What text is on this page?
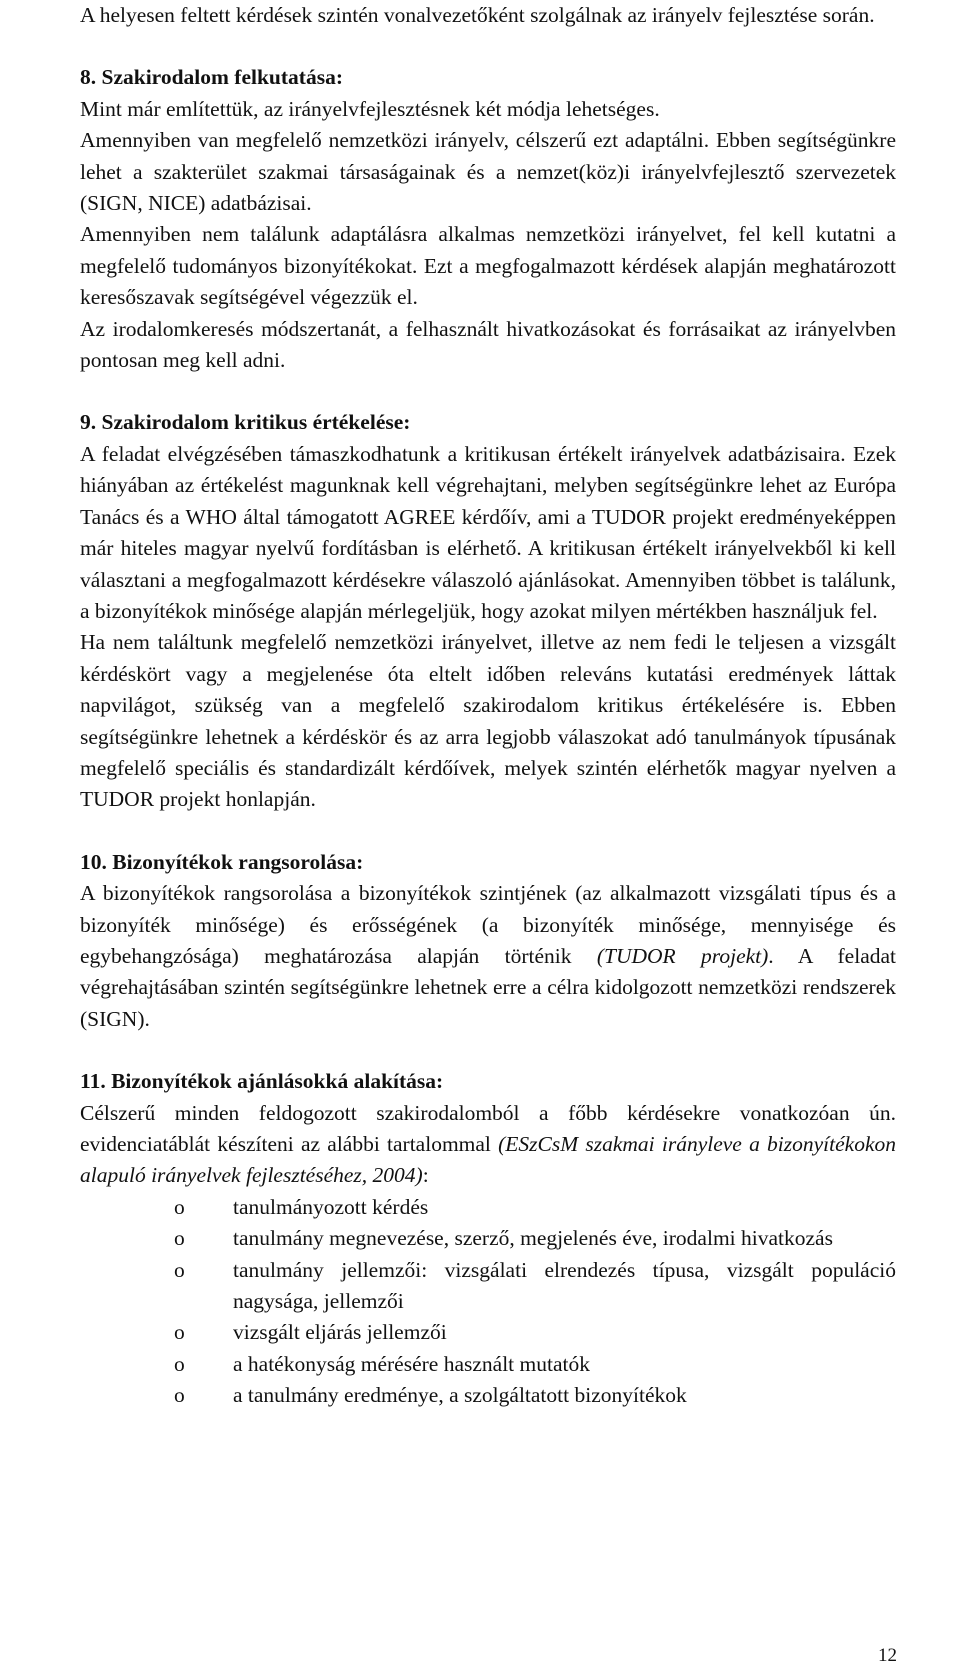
A helyesen feltett kérdések szintén vonalvezetőként szolgálnak az irányelv fejlesztése során.

8. Szakirodalom felkutatása:

Mint már említettük, az irányelvfejlesztésnek két módja lehetséges.

Amennyiben van megfelelő nemzetközi irányelv, célszerű ezt adaptálni. Ebben segítségünkre lehet a szakterület szakmai társaságainak és a nemzet(köz)i irányelvfejlesztő szervezetek (SIGN, NICE) adatbázisai.

Amennyiben nem találunk adaptálásra alkalmas nemzetközi irányelvet, fel kell kutatni a megfelelő tudományos bizonyítékokat. Ezt a megfogalmazott kérdések alapján meghatározott keresőszavak segítségével végezzük el.

Az irodalomkeresés módszertanát, a felhasznált hivatkozásokat és forrásaikat az irányelvben pontosan meg kell adni.

9. Szakirodalom kritikus értékelése:

A feladat elvégzésében támaszkodhatunk a kritikusan értékelt irányelvek adatbázisaira. Ezek hiányában az értékelést magunknak kell végrehajtani, melyben segítségünkre lehet az Európa Tanács és a WHO által támogatott AGREE kérdőív, ami a TUDOR projekt eredményeképpen már hiteles magyar nyelvű fordításban is elérhető. A kritikusan értékelt irányelvekből ki kell választani a megfogalmazott kérdésekre válaszoló ajánlásokat. Amennyiben többet is találunk, a bizonyítékok minősége alapján mérlegeljük, hogy azokat milyen mértékben használjuk fel.

Ha nem találtunk megfelelő nemzetközi irányelvet, illetve az nem fedi le teljesen a vizsgált kérdéskört vagy a megjelenése óta eltelt időben releváns kutatási eredmények láttak napvilágot, szükség van a megfelelő szakirodalom kritikus értékelésére is. Ebben segítségünkre lehetnek a kérdéskör és az arra legjobb válaszokat adó tanulmányok típusának megfelelő speciális és standardizált kérdőívek, melyek szintén elérhetők magyar nyelven a TUDOR projekt honlapján.

10. Bizonyítékok rangsorolása:

A bizonyítékok rangsorolása a bizonyítékok szintjének (az alkalmazott vizsgálati típus és a bizonyíték minősége) és erősségének (a bizonyíték minősége, mennyisége és egybehangzósága) meghatározása alapján történik (TUDOR projekt). A feladat végrehajtásában szintén segítségünkre lehetnek erre a célra kidolgozott nemzetközi rendszerek (SIGN).

11. Bizonyítékok ajánlásokká alakítása:

Célszerű minden feldogozott szakirodalomból a főbb kérdésekre vonatkozóan ún. evidenciatáblát készíteni az alábbi tartalommal (ESzCsM szakmai irányleve a bizonyítékokon alapuló irányelvek fejlesztéséhez, 2004):

o tanulmányozott kérdés
o tanulmány megnevezése, szerző, megjelenés éve, irodalmi hivatkozás
o tanulmány jellemzői: vizsgálati elrendezés típusa, vizsgált populáció nagysága, jellemzői
o vizsgált eljárás jellemzői
o a hatékonyság mérésére használt mutatók
o a tanulmány eredménye, a szolgáltatott bizonyítékok
12
